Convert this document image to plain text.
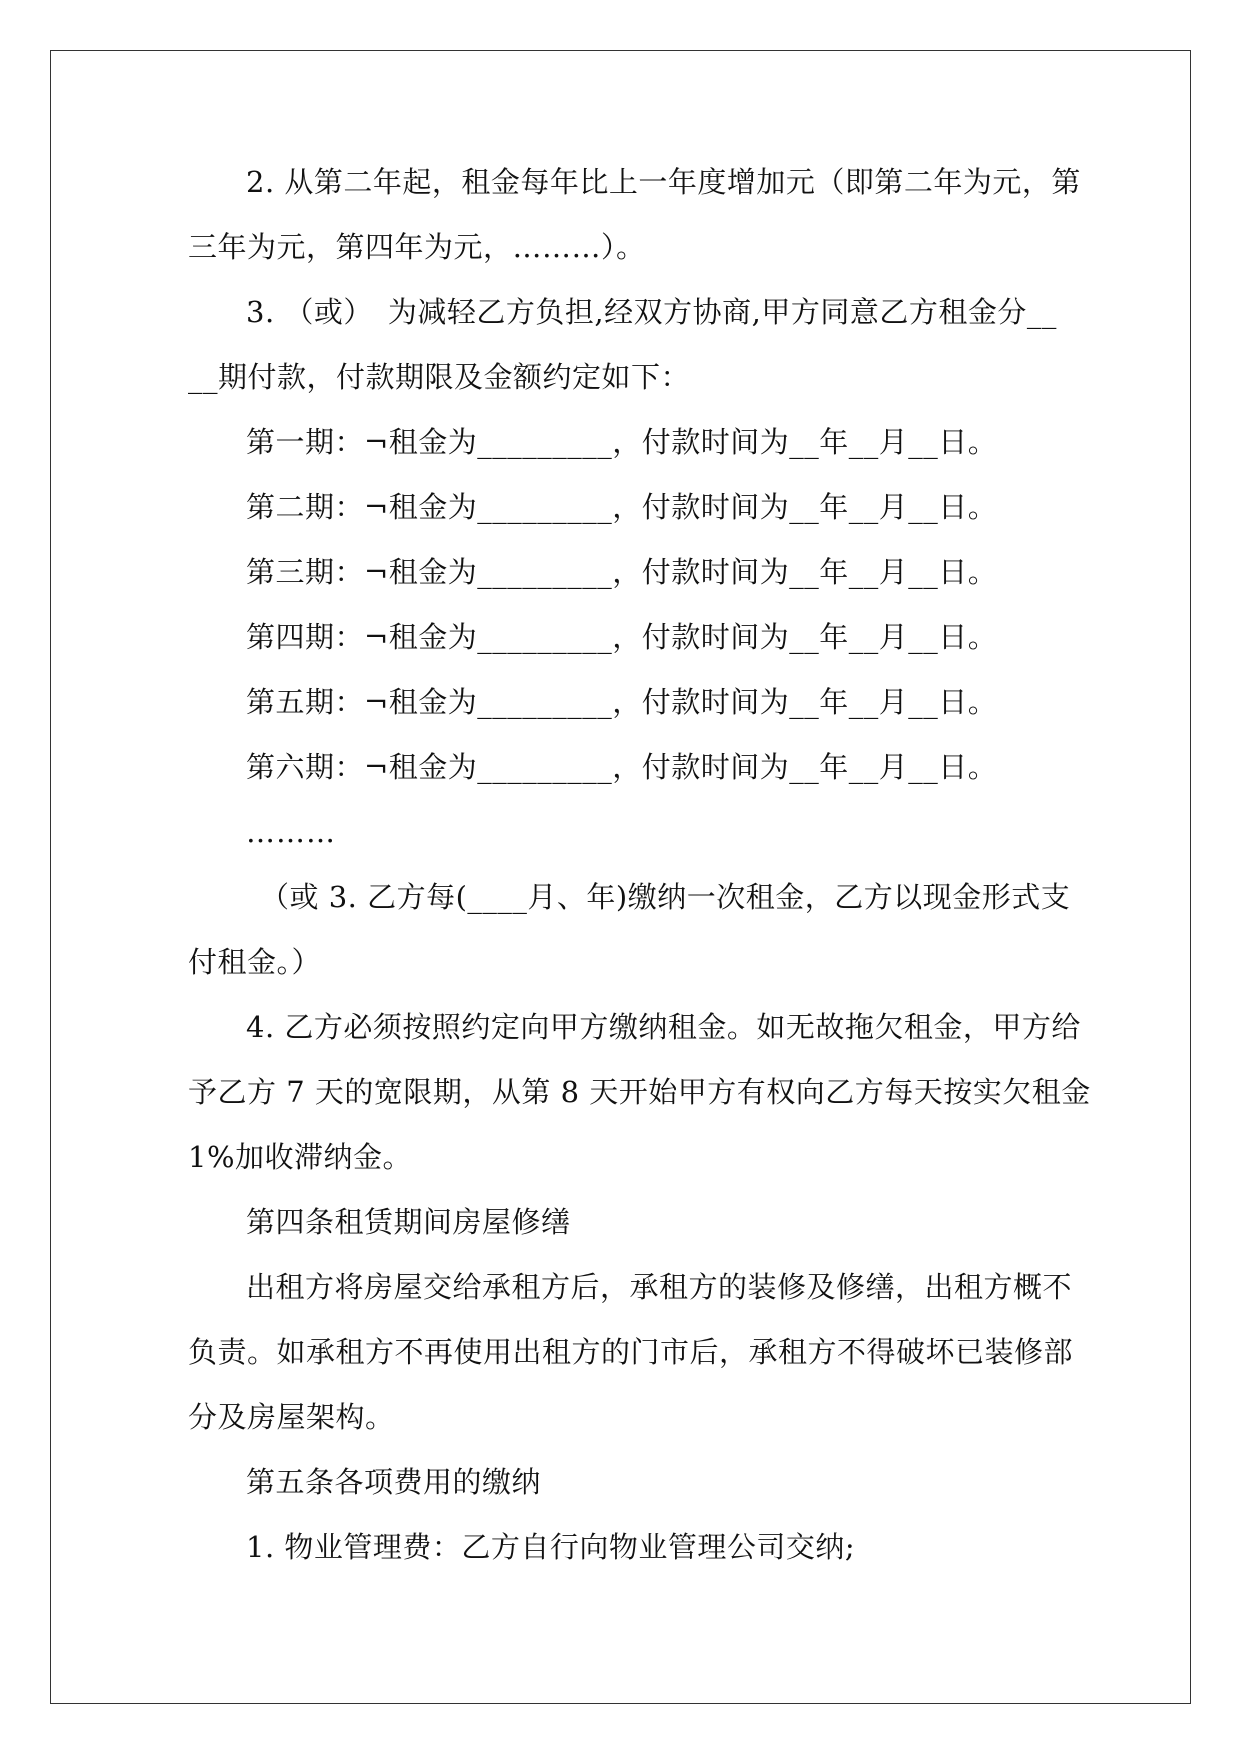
2. 从第二年起，租金每年比上一年度增加元（即第二年为元，第
三年为元，第四年为元，………）。
3. （或）　为减轻乙方负担,经双方协商,甲方同意乙方租金分__
__期付款，付款期限及金额约定如下：
第一期：¬租金为_________，付款时间为__年__月__日。
第二期：¬租金为_________，付款时间为__年__月__日。
第三期：¬租金为_________，付款时间为__年__月__日。
第四期：¬租金为_________，付款时间为__年__月__日。
第五期：¬租金为_________，付款时间为__年__月__日。
第六期：¬租金为_________，付款时间为__年__月__日。
………
（或 3. 乙方每(____月、年)缴纳一次租金，乙方以现金形式支
付租金。）
4. 乙方必须按照约定向甲方缴纳租金。如无故拖欠租金，甲方给
予乙方 7 天的宽限期，从第 8 天开始甲方有权向乙方每天按实欠租金
1%加收滞纳金。
第四条租赁期间房屋修缮
出租方将房屋交给承租方后，承租方的装修及修缮，出租方概不
负责。如承租方不再使用出租方的门市后，承租方不得破坏已装修部
分及房屋架构。
第五条各项费用的缴纳
1. 物业管理费：乙方自行向物业管理公司交纳;
